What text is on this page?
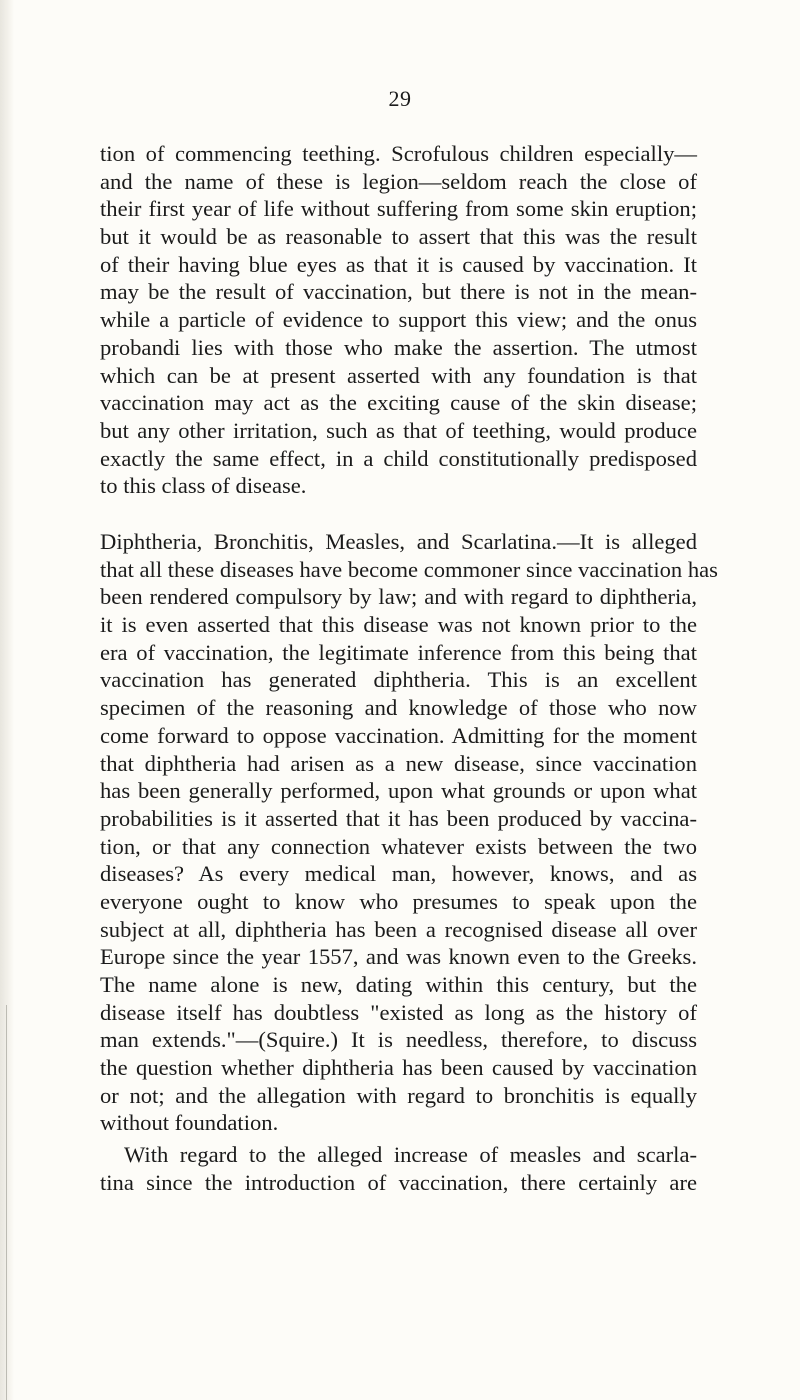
29
tion of commencing teething. Scrofulous children especially—
and the name of these is legion—seldom reach the close of
their first year of life without suffering from some skin eruption;
but it would be as reasonable to assert that this was the result
of their having blue eyes as that it is caused by vaccination. It
may be the result of vaccination, but there is not in the mean-
while a particle of evidence to support this view; and the onus
probandi lies with those who make the assertion. The utmost
which can be at present asserted with any foundation is that
vaccination may act as the exciting cause of the skin disease;
but any other irritation, such as that of teething, would produce
exactly the same effect, in a child constitutionally predisposed
to this class of disease.
Diphtheria, Bronchitis, Measles, and Scarlatina.—It is alleged
that all these diseases have become commoner since vaccination has
been rendered compulsory by law; and with regard to diphtheria,
it is even asserted that this disease was not known prior to the
era of vaccination, the legitimate inference from this being that
vaccination has generated diphtheria. This is an excellent
specimen of the reasoning and knowledge of those who now
come forward to oppose vaccination. Admitting for the moment
that diphtheria had arisen as a new disease, since vaccination
has been generally performed, upon what grounds or upon what
probabilities is it asserted that it has been produced by vaccina-
tion, or that any connection whatever exists between the two
diseases? As every medical man, however, knows, and as
everyone ought to know who presumes to speak upon the
subject at all, diphtheria has been a recognised disease all over
Europe since the year 1557, and was known even to the Greeks.
The name alone is new, dating within this century, but the
disease itself has doubtless "existed as long as the history of
man extends."—(Squire.) It is needless, therefore, to discuss
the question whether diphtheria has been caused by vaccination
or not; and the allegation with regard to bronchitis is equally
without foundation.
With regard to the alleged increase of measles and scarla-
tina since the introduction of vaccination, there certainly are
